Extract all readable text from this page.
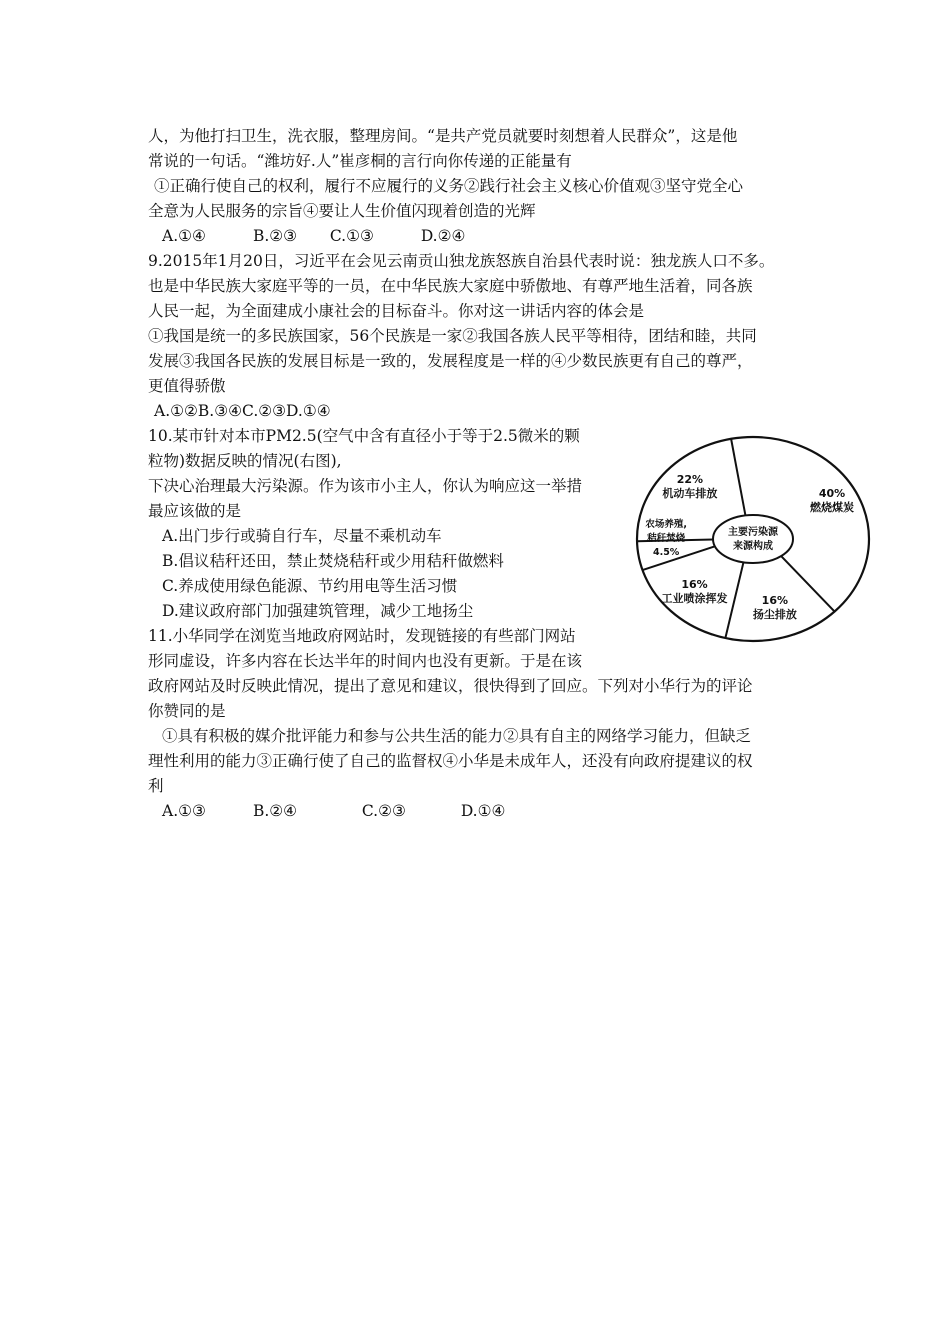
人，为他打扫卫生，洗衣服，整理房间。“是共产党员就要时刻想着人民群众”，这是他
常说的一句话。“潍坊好.人”崔彦桐的言行向你传递的正能量有
①正确行使自己的权利，履行不应履行的义务②践行社会主义核心价值观③坚守党全心
全意为人民服务的宗旨④要让人生价值闪现着创造的光辉
A.①④	B.②③ C.①③	D.②④
9.2015年1月20日，习近平在会见云南贡山独龙族怒族自治县代表时说：独龙族人口不多。
也是中华民族大家庭平等的一员，在中华民族大家庭中骄傲地、有尊严地生活着，同各族
人民一起，为全面建成小康社会的目标奋斗。你对这一讲话内容的体会是
①我国是统一的多民族国家，56个民族是一家②我国各族人民平等相待，团结和睦，共同
发展③我国各民族的发展目标是一致的，发展程度是一样的④少数民族更有自己的尊严，
更值得骄傲
A.①②B.③④C.②③D.①④
10.某市针对本市PM2.5(空气中含有直径小于等于2.5微米的颗
粒物)数据反映的情况(右图),
下决心治理最大污染源。作为该市小主人，你认为响应这一举措
最应该做的是
A.出门步行或骑自行车，尽量不乘机动车
B.倡议秸秆还田，禁止焚烧秸秆或少用秸秆做燃料
C.养成使用绿色能源、节约用电等生活习惯
D.建议政府部门加强建筑管理，减少工地扬尘
11.小华同学在浏览当地政府网站时，发现链接的有些部门网站
形同虚设，许多内容在长达半年的时间内也没有更新。于是在该
政府网站及时反映此情况，提出了意见和建议，很快得到了回应。下列对小华行为的评论
你赞同的是
①具有积极的媒介批评能力和参与公共生活的能力②具有自主的网络学习能力，但缺乏
理性利用的能力③正确行使了自己的监督权④小华是未成年人，还没有向政府提建议的权
利
A.①③	B.②④	C.②③	D.①④
40%
燃烧煤炭
16%
扬尘排放
16%
工业喷涂挥发
农场养殖,
秸秆焚烧
4.5%
22%
机动车排放
主要污染源
来源构成
